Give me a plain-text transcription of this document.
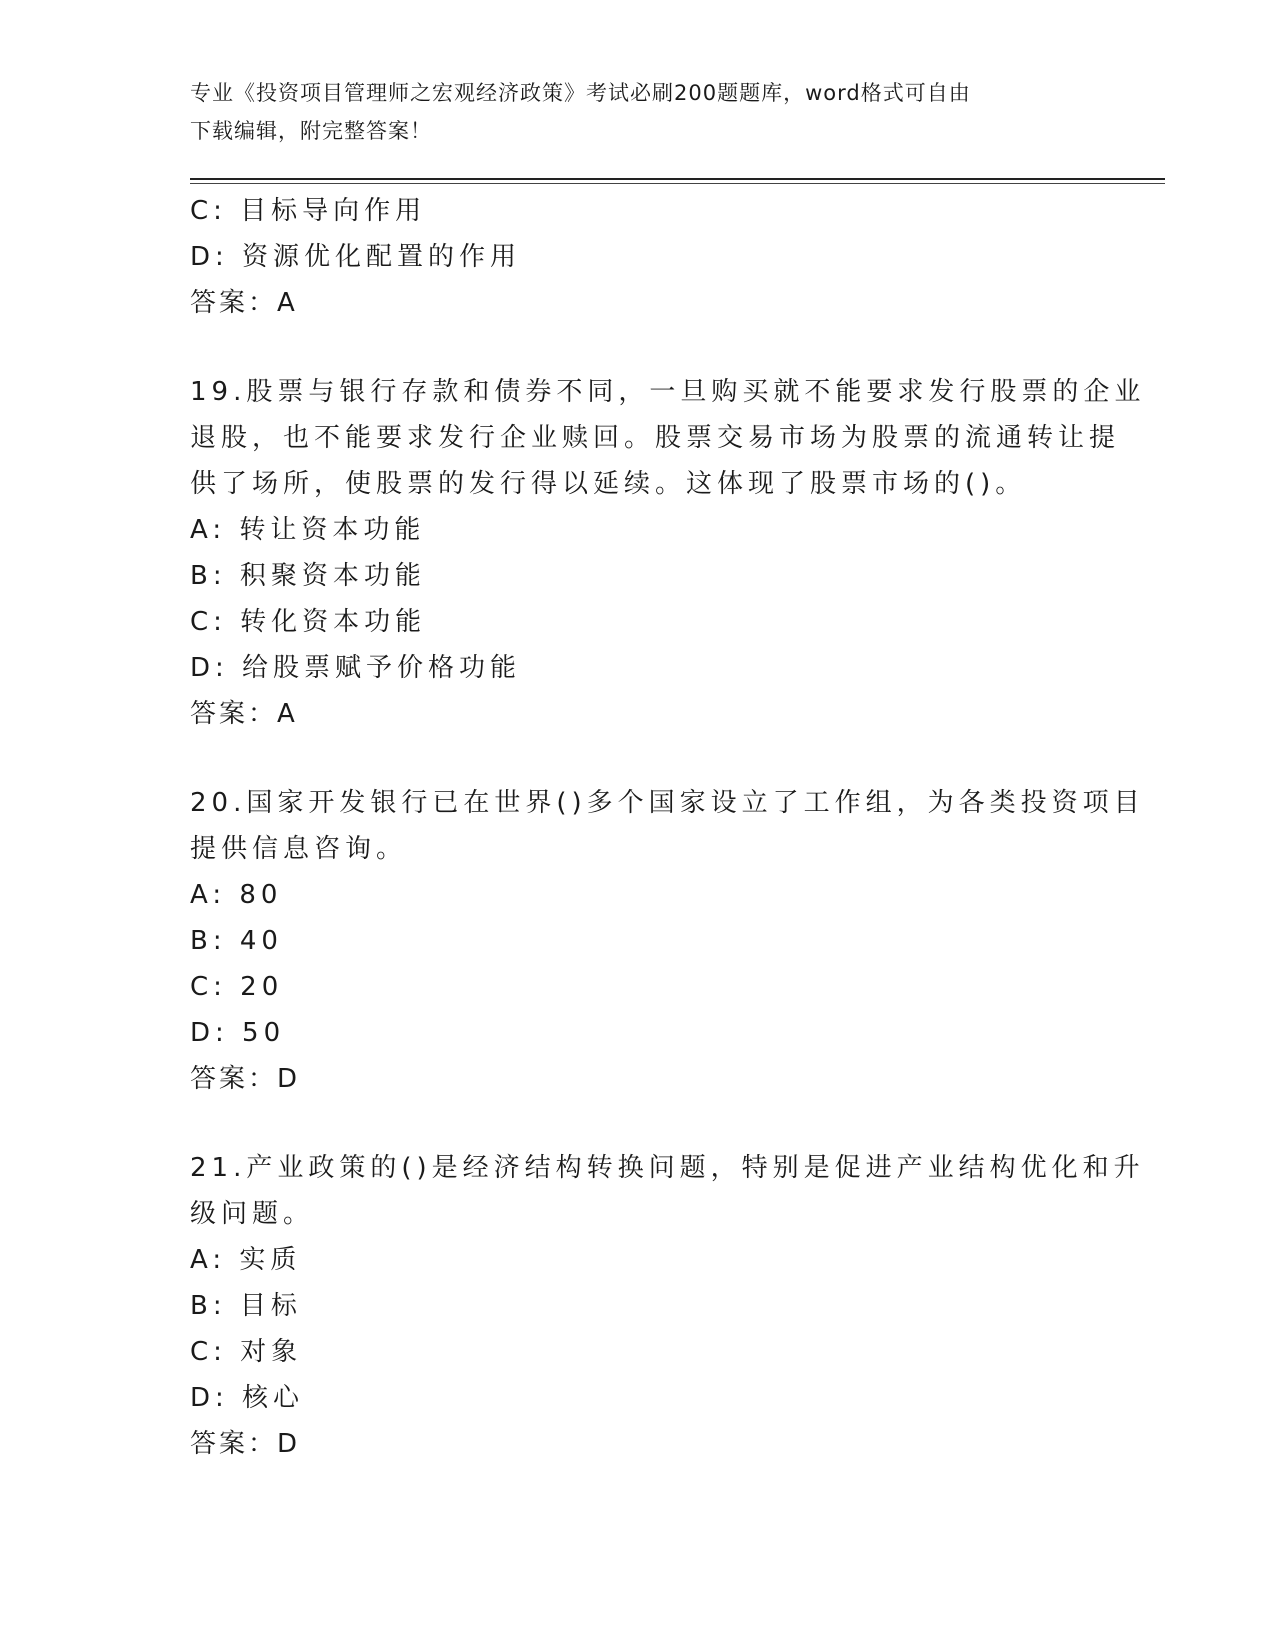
专业《投资项目管理师之宏观经济政策》考试必刷200题题库，word格式可自由
下载编辑，附完整答案！
C: 目标导向作用
D: 资源优化配置的作用
答案：A
19.股票与银行存款和债券不同，一旦购买就不能要求发行股票的企业
退股，也不能要求发行企业赎回。股票交易市场为股票的流通转让提
供了场所，使股票的发行得以延续。这体现了股票市场的()。
A: 转让资本功能
B: 积聚资本功能
C: 转化资本功能
D: 给股票赋予价格功能
答案：A
20.国家开发银行已在世界()多个国家设立了工作组，为各类投资项目
提供信息咨询。
A: 80
B: 40
C: 20
D: 50
答案：D
21.产业政策的()是经济结构转换问题，特别是促进产业结构优化和升
级问题。
A: 实质
B: 目标
C: 对象
D: 核心
答案：D
